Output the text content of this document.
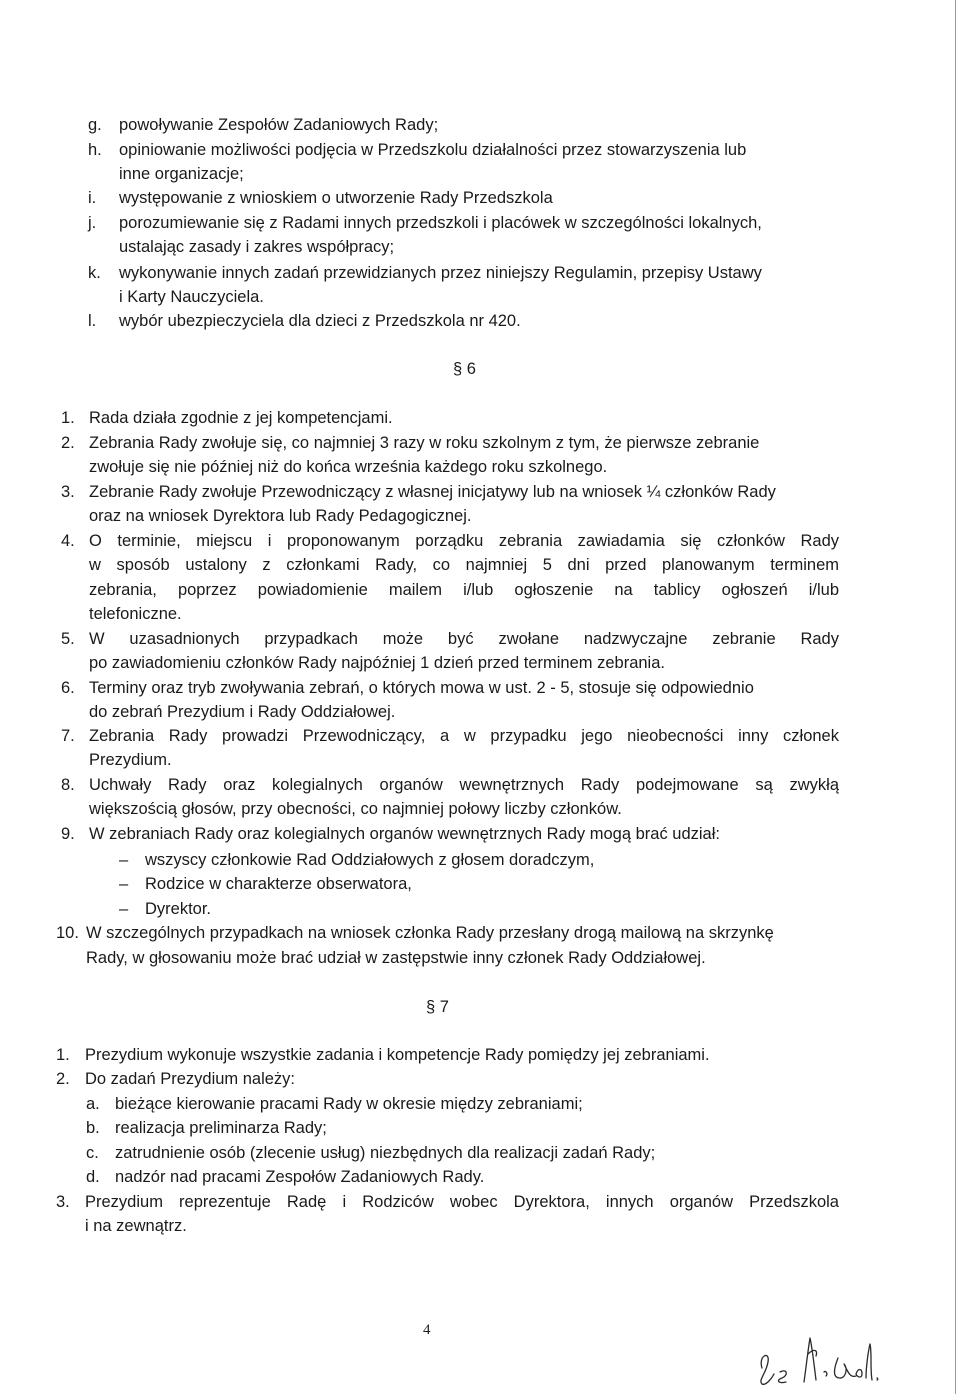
g. powoływanie Zespołów Zadaniowych Rady;
h. opiniowanie możliwości podjęcia w Przedszkolu działalności przez stowarzyszenia lub
inne organizacje;
i. występowanie z wnioskiem o utworzenie Rady Przedszkola
j. porozumiewanie się z Radami innych przedszkoli i placówek w szczególności lokalnych,
ustalając zasady i zakres współpracy;
k. wykonywanie innych zadań przewidzianych przez niniejszy Regulamin, przepisy Ustawy
i Karty Nauczyciela.
l. wybór ubezpieczyciela dla dzieci z Przedszkola nr 420.
§ 6
1. Rada działa zgodnie z jej kompetencjami.
2. Zebrania Rady zwołuje się, co najmniej 3 razy w roku szkolnym z tym, że pierwsze zebranie
zwołuje się nie później niż do końca września każdego roku szkolnego.
3. Zebranie Rady zwołuje Przewodniczący z własnej inicjatywy lub na wniosek ¼ członków Rady
oraz na wniosek Dyrektora lub Rady Pedagogicznej.
4. O terminie, miejscu i proponowanym porządku zebrania zawiadamia się członków Rady
w sposób ustalony z członkami Rady, co najmniej 5 dni przed planowanym terminem
zebrania, poprzez powiadomienie mailem i/lub ogłoszenie na tablicy ogłoszeń i/lub
telefoniczne.
5. W uzasadnionych przypadkach może być zwołane nadzwyczajne zebranie Rady
po zawiadomieniu członków Rady najpóźniej 1 dzień przed terminem zebrania.
6. Terminy oraz tryb zwoływania zebrań, o których mowa w ust. 2 - 5, stosuje się odpowiednio
do zebrań Prezydium i Rady Oddziałowej.
7. Zebrania Rady prowadzi Przewodniczący, a w przypadku jego nieobecności inny członek
Prezydium.
8. Uchwały Rady oraz kolegialnych organów wewnętrznych Rady podejmowane są zwykłą
większością głosów, przy obecności, co najmniej połowy liczby członków.
9. W zebraniach Rady oraz kolegialnych organów wewnętrznych Rady mogą brać udział:
– wszyscy członkowie Rad Oddziałowych z głosem doradczym,
– Rodzice w charakterze obserwatora,
– Dyrektor.
10. W szczególnych przypadkach na wniosek członka Rady przesłany drogą mailową na skrzynkę
Rady, w głosowaniu może brać udział w zastępstwie inny członek Rady Oddziałowej.
§ 7
1. Prezydium wykonuje wszystkie zadania i kompetencje Rady pomiędzy jej zebraniami.
2. Do zadań Prezydium należy:
a. bieżące kierowanie pracami Rady w okresie między zebraniami;
b. realizacja preliminarza Rady;
c. zatrudnienie osób (zlecenie usług) niezbędnych dla realizacji zadań Rady;
d. nadzór nad pracami Zespołów Zadaniowych Rady.
3. Prezydium reprezentuje Radę i Rodziców wobec Dyrektora, innych organów Przedszkola
i na zewnątrz.
4
